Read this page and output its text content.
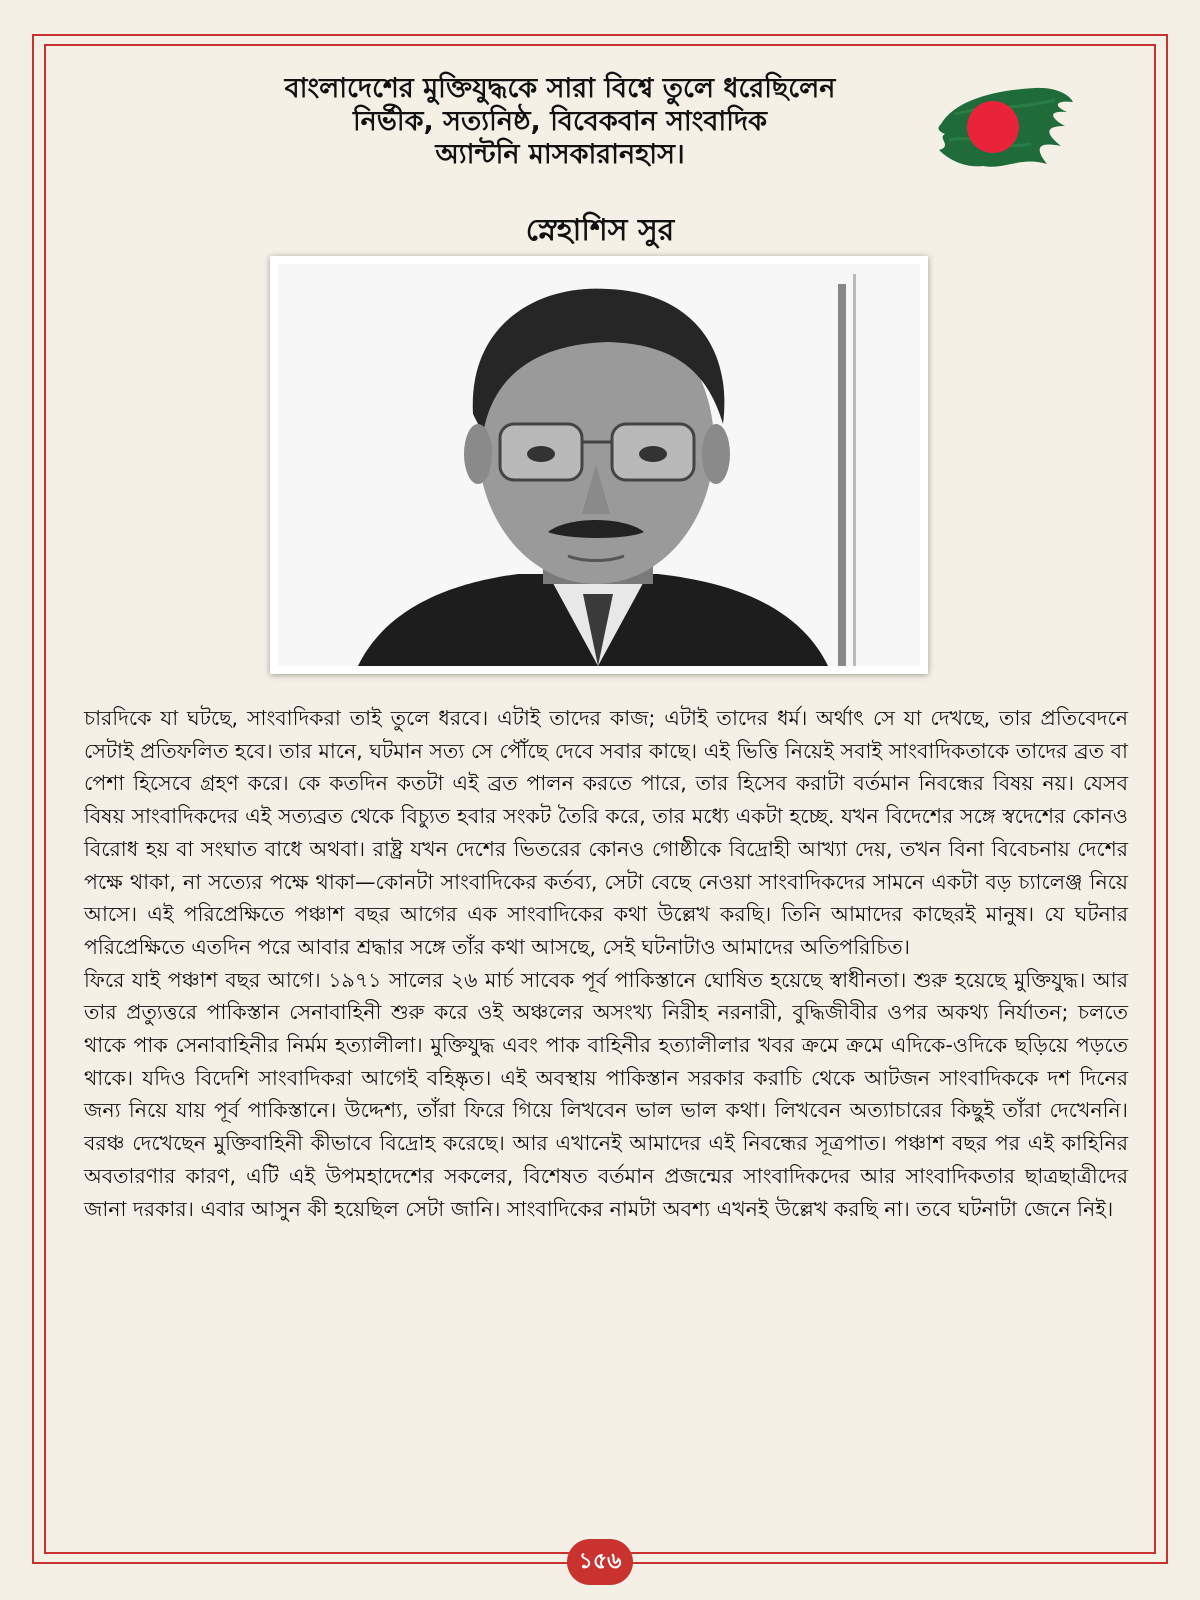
বাংলাদেশের মুক্তিযুদ্ধকে সারা বিশ্বে তুলে ধরেছিলেন
নির্ভীক, সত্যনিষ্ঠ, বিবেকবান সাংবাদিক
অ্যান্টনি মাসকারানহাস।
স্নেহাশিস সুর

চারদিকে যা ঘটছে, সাংবাদিকরা তাই তুলে ধরবে। এটাই তাদের কাজ; এটাই তাদের ধর্ম। অর্থাৎ সে যা দেখছে, তার প্রতিবেদনে সেটাই প্রতিফলিত হবে। তার মানে, ঘটমান সত্য সে পৌঁছে দেবে সবার কাছে। এই ভিত্তি নিয়েই সবাই সাংবাদিকতাকে তাদের ব্রত বা পেশা হিসেবে গ্রহণ করে। কে কতদিন কতটা এই ব্রত পালন করতে পারে, তার হিসেব করাটা বর্তমান নিবন্ধের বিষয় নয়। যেসব বিষয় সাংবাদিকদের এই সত্যব্রত থেকে বিচ্যুত হবার সংকট তৈরি করে, তার মধ্যে একটা হচ্ছে. যখন বিদেশের সঙ্গে স্বদেশের কোনও বিরোধ হয় বা সংঘাত বাধে অথবা। রাষ্ট্র যখন দেশের ভিতরের কোনও গোষ্ঠীকে বিদ্রোহী আখ্যা দেয়, তখন বিনা বিবেচনায় দেশের পক্ষে থাকা, না সত্যের পক্ষে থাকা—কোনটা সাংবাদিকের কর্তব্য, সেটা বেছে নেওয়া সাংবাদিকদের সামনে একটা বড় চ্যালেঞ্জ নিয়ে আসে। এই পরিপ্রেক্ষিতে পঞ্চাশ বছর আগের এক সাংবাদিকের কথা উল্লেখ করছি। তিনি আমাদের কাছেরই মানুষ। যে ঘটনার পরিপ্রেক্ষিতে এতদিন পরে আবার শ্রদ্ধার সঙ্গে তাঁর কথা আসছে, সেই ঘটনাটাও আমাদের অতিপরিচিত।

ফিরে যাই পঞ্চাশ বছর আগে। ১৯৭১ সালের ২৬ মার্চ সাবেক পূর্ব পাকিস্তানে ঘোষিত হয়েছে স্বাধীনতা। শুরু হয়েছে মুক্তিযুদ্ধ। আর তার প্রত্যুত্তরে পাকিস্তান সেনাবাহিনী শুরু করে ওই অঞ্চলের অসংখ্য নিরীহ নরনারী, বুদ্ধিজীবীর ওপর অকথ্য নির্যাতন; চলতে থাকে পাক সেনাবাহিনীর নির্মম হত্যালীলা। মুক্তিযুদ্ধ এবং পাক বাহিনীর হত্যালীলার খবর ক্রমে ক্রমে এদিকে-ওদিকে ছড়িয়ে পড়তে থাকে। যদিও বিদেশি সাংবাদিকরা আগেই বহিষ্কৃত। এই অবস্থায় পাকিস্তান সরকার করাচি থেকে আটজন সাংবাদিককে দশ দিনের জন্য নিয়ে যায় পূর্ব পাকিস্তানে। উদ্দেশ্য, তাঁরা ফিরে গিয়ে লিখবেন ভাল ভাল কথা। লিখবেন অত্যাচারের কিছুই তাঁরা দেখেননি। বরঞ্চ দেখেছেন মুক্তিবাহিনী কীভাবে বিদ্রোহ করেছে। আর এখানেই আমাদের এই নিবন্ধের সূত্রপাত। পঞ্চাশ বছর পর এই কাহিনির অবতারণার কারণ, এটি এই উপমহাদেশের সকলের, বিশেষত বর্তমান প্রজন্মের সাংবাদিকদের আর সাংবাদিকতার ছাত্রছাত্রীদের জানা দরকার। এবার আসুন কী হয়েছিল সেটা জানি। সাংবাদিকের নামটা অবশ্য এখনই উল্লেখ করছি না। তবে ঘটনাটা জেনে নিই।

১৫৬
